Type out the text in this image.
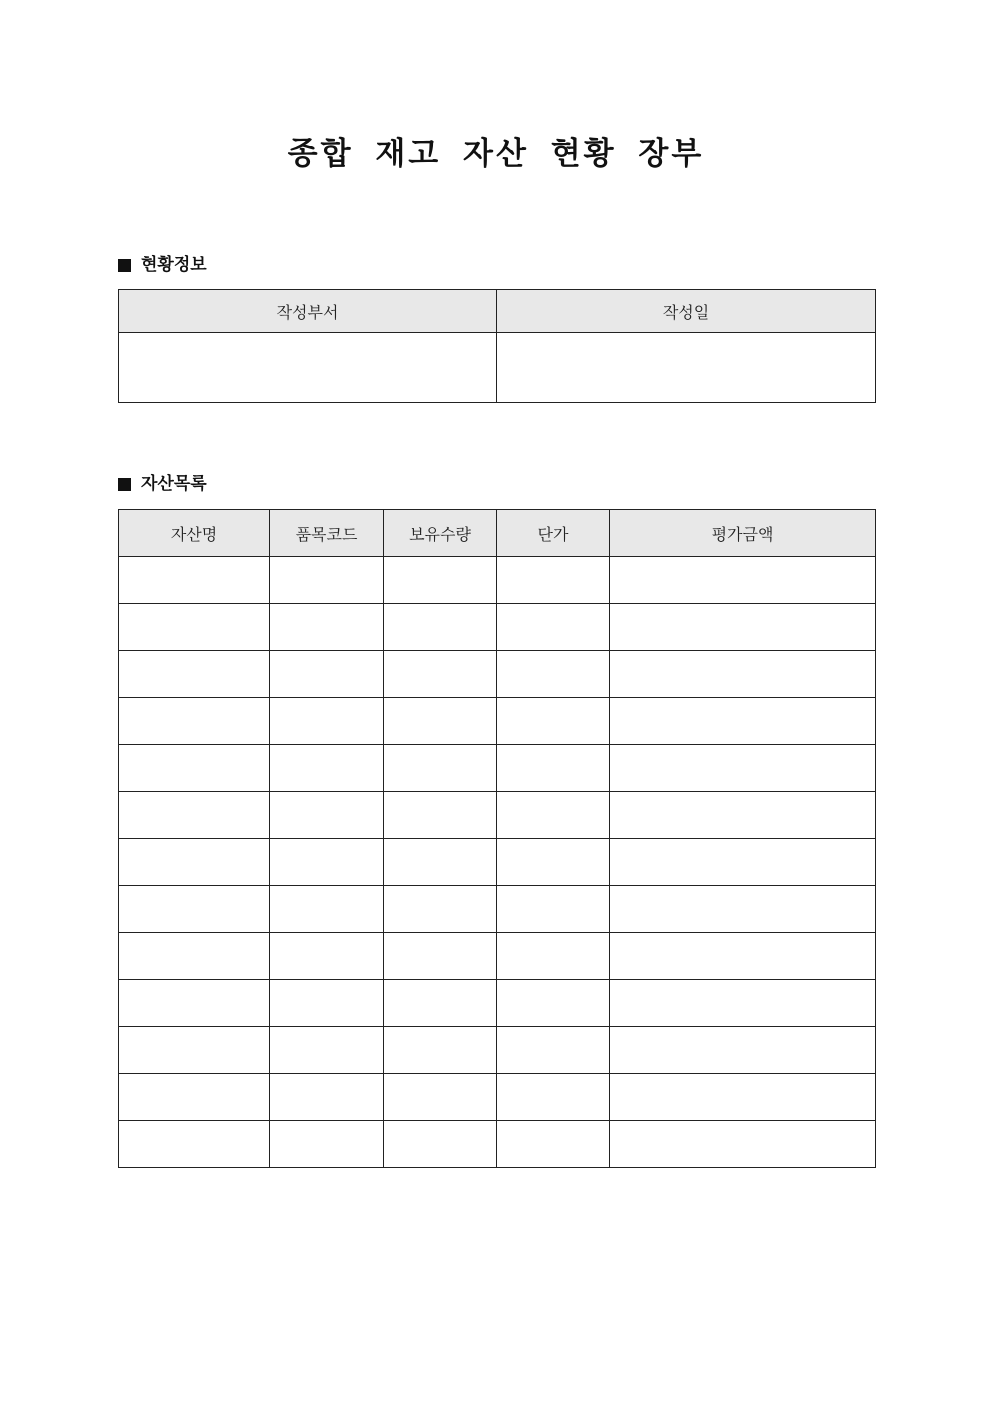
종합 재고 자산 현황 장부
현황정보
작성부서	작성일

자산목록
자산명	품목코드	보유수량	단가	평가금액
